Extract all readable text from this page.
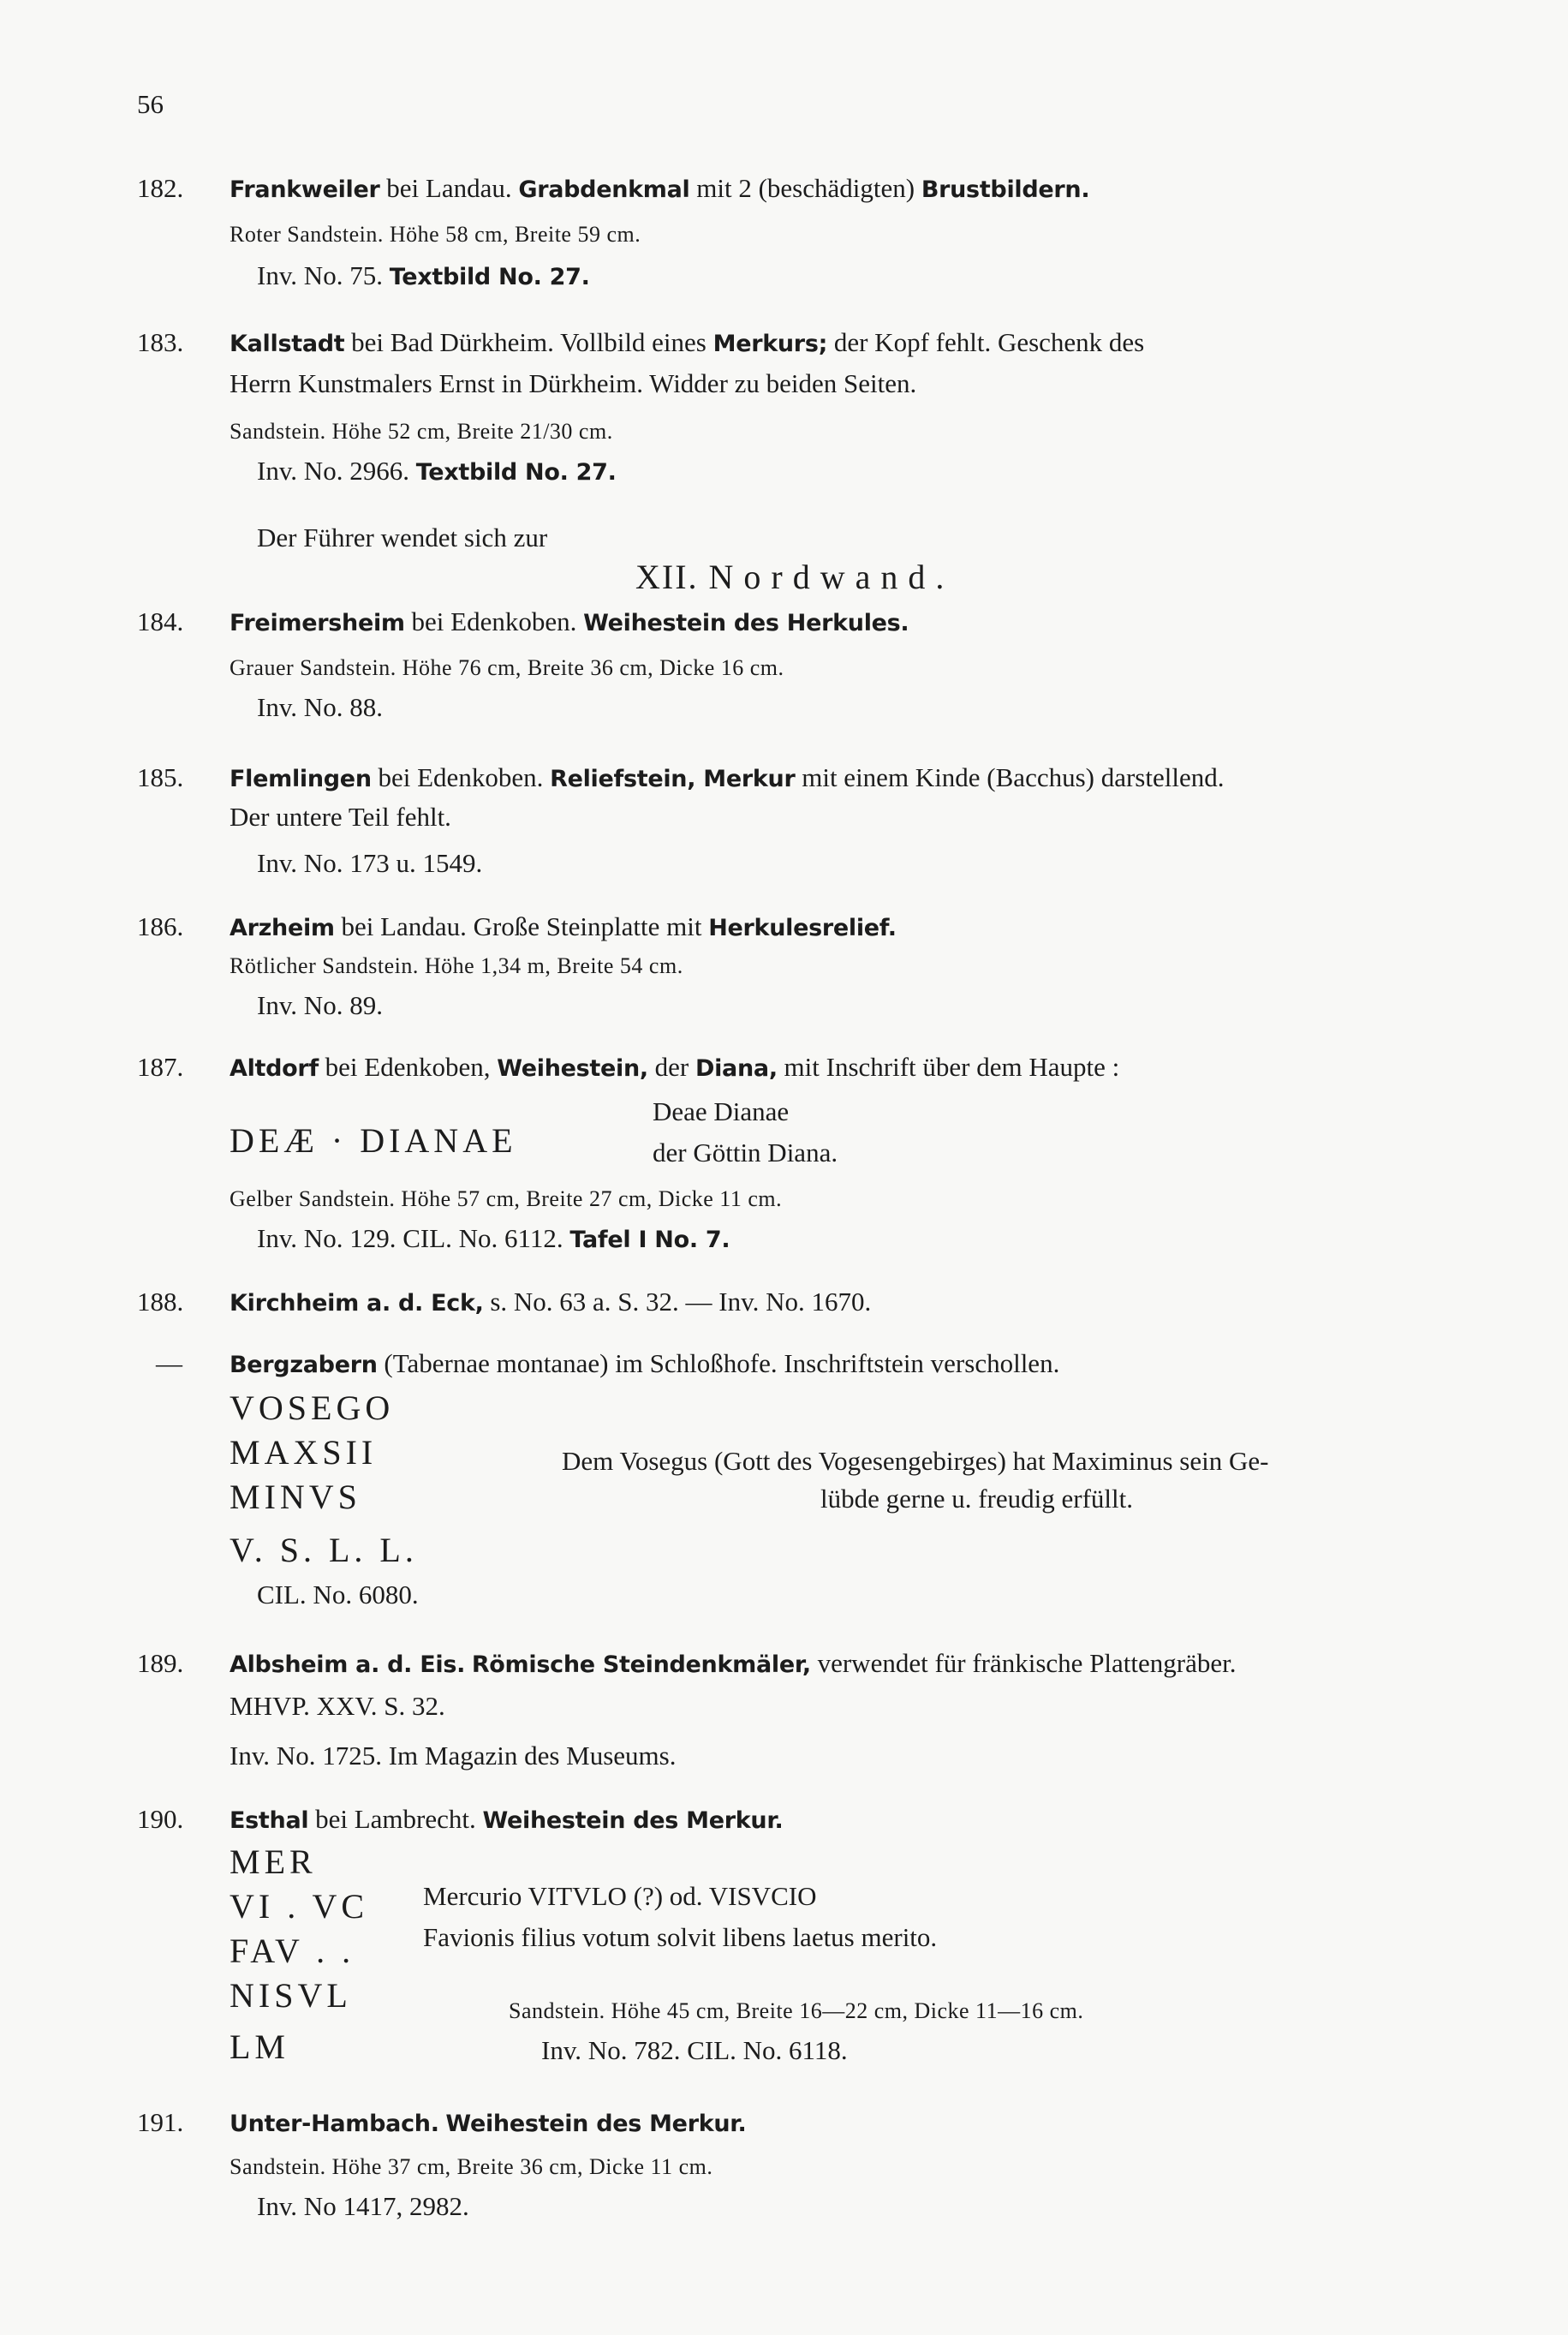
56
182. Frankweiler bei Landau. Grabdenkmal mit 2 (beschädigten) Brustbildern.
Roter Sandstein. Höhe 58 cm, Breite 59 cm.
Inv. No. 75. Textbild No. 27.
183. Kallstadt bei Bad Dürkheim. Vollbild eines Merkurs; der Kopf fehlt. Geschenk des
Herrn Kunstmalers Ernst in Dürkheim. Widder zu beiden Seiten.
Sandstein. Höhe 52 cm, Breite 21/30 cm.
Inv. No. 2966. Textbild No. 27.
Der Führer wendet sich zur
XII. Nordwand.
184. Freimersheim bei Edenkoben. Weihestein des Herkules.
Grauer Sandstein. Höhe 76 cm, Breite 36 cm, Dicke 16 cm.
Inv. No. 88.
185. Flemlingen bei Edenkoben. Reliefstein, Merkur mit einem Kinde (Bacchus) darstellend.
Der untere Teil fehlt.
Inv. No. 173 u. 1549.
186. Arzheim bei Landau. Große Steinplatte mit Herkulesrelief.
Rötlicher Sandstein. Höhe 1,34 m, Breite 54 cm.
Inv. No. 89.
187. Altdorf bei Edenkoben, Weihestein, der Diana, mit Inschrift über dem Haupte :
DEÆ · DIANAE
Deae Dianae
der Göttin Diana.
Gelber Sandstein. Höhe 57 cm, Breite 27 cm, Dicke 11 cm.
Inv. No. 129. CIL. No. 6112. Tafel I No. 7.
188. Kirchheim a. d. Eck, s. No. 63 a. S. 32. — Inv. No. 1670.
— Bergzabern (Tabernae montanae) im Schloßhofe. Inschriftstein verschollen.
VOSEGO
MAXSII
MINVS
V. S. L. L.
Dem Vosegus (Gott des Vogesengebirges) hat Maximinus sein Ge-
lübde gerne u. freudig erfüllt.
CIL. No. 6080.
189. Albsheim a. d. Eis. Römische Steindenkmäler, verwendet für fränkische Plattengräber.
MHVP. XXV. S. 32.
Inv. No. 1725. Im Magazin des Museums.
190. Esthal bei Lambrecht. Weihestein des Merkur.
MER
VI . VC
FAV . .
NISVL
LM
Mercurio VITVLO (?) od. VISVCIO
Favionis filius votum solvit libens laetus merito.
Sandstein. Höhe 45 cm, Breite 16—22 cm, Dicke 11—16 cm.
Inv. No. 782. CIL. No. 6118.
191. Unter-Hambach. Weihestein des Merkur.
Sandstein. Höhe 37 cm, Breite 36 cm, Dicke 11 cm.
Inv. No 1417, 2982.
